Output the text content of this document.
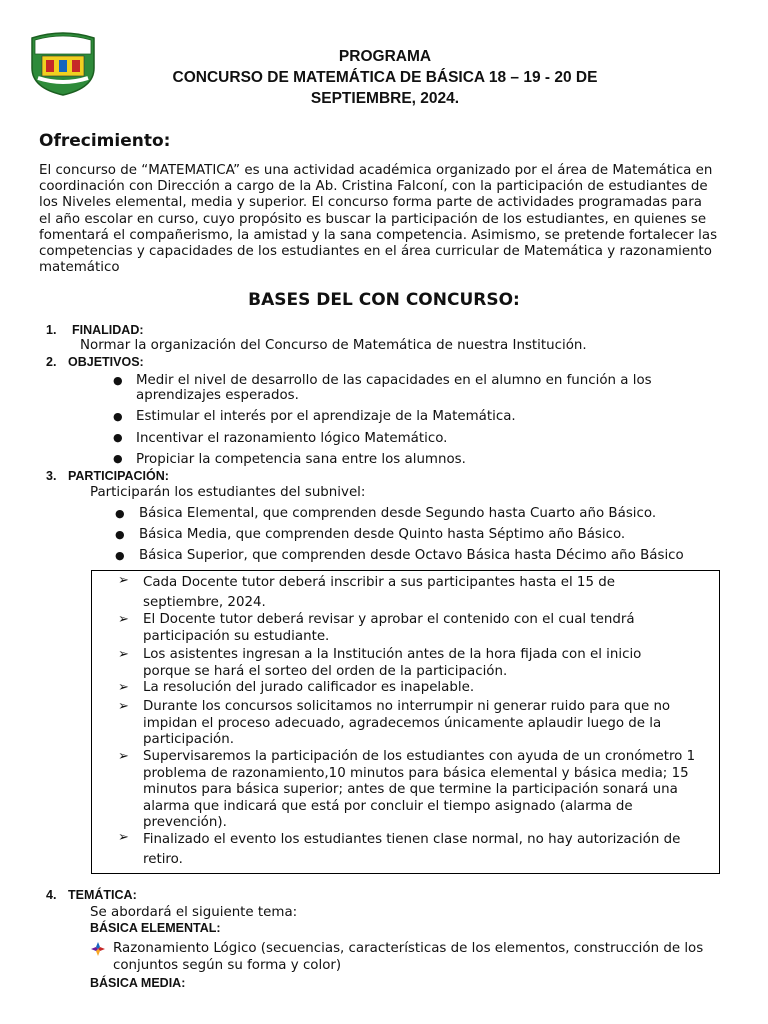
PROGRAMA
CONCURSO DE MATEMÁTICA DE BÁSICA 18 – 19 - 20 DE
SEPTIEMBRE, 2024.
Ofrecimiento:
El concurso de “MATEMATICA” es una actividad académica organizado por el área de Matemática en
coordinación con Dirección a cargo de la Ab. Cristina Falconí, con la participación de estudiantes de
los Niveles elemental, media y superior. El concurso forma parte de actividades programadas para
el año escolar en curso, cuyo propósito es buscar la participación de los estudiantes, en quienes se
fomentará el compañerismo, la amistad y la sana competencia. Asimismo, se pretende fortalecer las
competencias y capacidades de los estudiantes en el área curricular de Matemática y razonamiento
matemático
BASES DEL CON CONCURSO:
1. FINALIDAD:
Normar la organización del Concurso de Matemática de nuestra Institución.
2. OBJETIVOS:
● Medir el nivel de desarrollo de las capacidades en el alumno en función a los
aprendizajes esperados.
● Estimular el interés por el aprendizaje de la Matemática.
● Incentivar el razonamiento lógico Matemático.
● Propiciar la competencia sana entre los alumnos.
3. PARTICIPACIÓN:
Participarán los estudiantes del subnivel:
● Básica Elemental, que comprenden desde Segundo hasta Cuarto año Básico.
● Básica Media, que comprenden desde Quinto hasta Séptimo año Básico.
● Básica Superior, que comprenden desde Octavo Básica hasta Décimo año Básico
➢ Cada Docente tutor deberá inscribir a sus participantes hasta el 15 de
septiembre, 2024.
➢ El Docente tutor deberá revisar y aprobar el contenido con el cual tendrá
participación su estudiante.
➢ Los asistentes ingresan a la Institución antes de la hora fijada con el inicio
porque se hará el sorteo del orden de la participación.
➢ La resolución del jurado calificador es inapelable.
➢ Durante los concursos solicitamos no interrumpir ni generar ruido para que no
impidan el proceso adecuado, agradecemos únicamente aplaudir luego de la
participación.
➢ Supervisaremos la participación de los estudiantes con ayuda de un cronómetro 1
problema de razonamiento,10 minutos para básica elemental y básica media; 15
minutos para básica superior; antes de que termine la participación sonará una
alarma que indicará que está por concluir el tiempo asignado (alarma de
prevención).
➢ Finalizado el evento los estudiantes tienen clase normal, no hay autorización de
retiro.
4. TEMÁTICA:
Se abordará el siguiente tema:
BÁSICA ELEMENTAL:
Razonamiento Lógico (secuencias, características de los elementos, construcción de los
conjuntos según su forma y color)
BÁSICA MEDIA:
